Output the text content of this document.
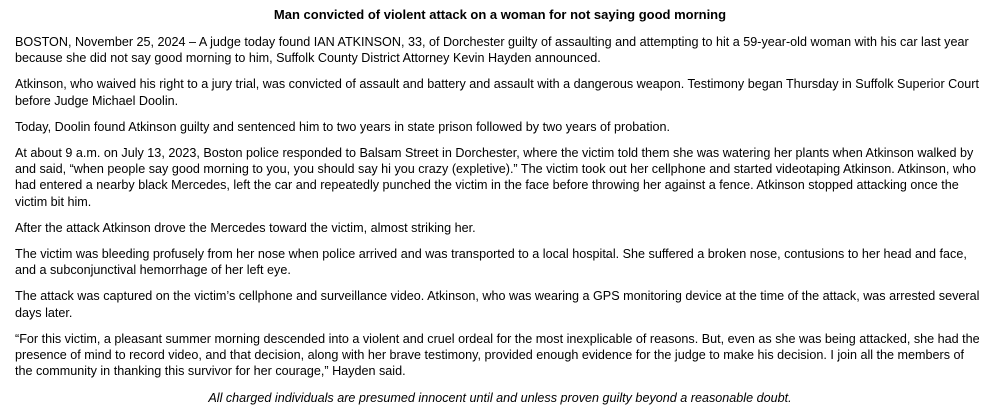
Man convicted of violent attack on a woman for not saying good morning
BOSTON, November 25, 2024 – A judge today found IAN ATKINSON, 33, of Dorchester guilty of assaulting and attempting to hit a 59-year-old woman with his car last year because she did not say good morning to him, Suffolk County District Attorney Kevin Hayden announced.
Atkinson, who waived his right to a jury trial, was convicted of assault and battery and assault with a dangerous weapon. Testimony began Thursday in Suffolk Superior Court before Judge Michael Doolin.
Today, Doolin found Atkinson guilty and sentenced him to two years in state prison followed by two years of probation.
At about 9 a.m. on July 13, 2023, Boston police responded to Balsam Street in Dorchester, where the victim told them she was watering her plants when Atkinson walked by and said, “when people say good morning to you, you should say hi you crazy (expletive).” The victim took out her cellphone and started videotaping Atkinson. Atkinson, who had entered a nearby black Mercedes, left the car and repeatedly punched the victim in the face before throwing her against a fence. Atkinson stopped attacking once the victim bit him.
After the attack Atkinson drove the Mercedes toward the victim, almost striking her.
The victim was bleeding profusely from her nose when police arrived and was transported to a local hospital. She suffered a broken nose, contusions to her head and face, and a subconjunctival hemorrhage of her left eye.
The attack was captured on the victim’s cellphone and surveillance video. Atkinson, who was wearing a GPS monitoring device at the time of the attack, was arrested several days later.
“For this victim, a pleasant summer morning descended into a violent and cruel ordeal for the most inexplicable of reasons. But, even as she was being attacked, she had the presence of mind to record video, and that decision, along with her brave testimony, provided enough evidence for the judge to make his decision. I join all the members of the community in thanking this survivor for her courage,” Hayden said.
All charged individuals are presumed innocent until and unless proven guilty beyond a reasonable doubt.
